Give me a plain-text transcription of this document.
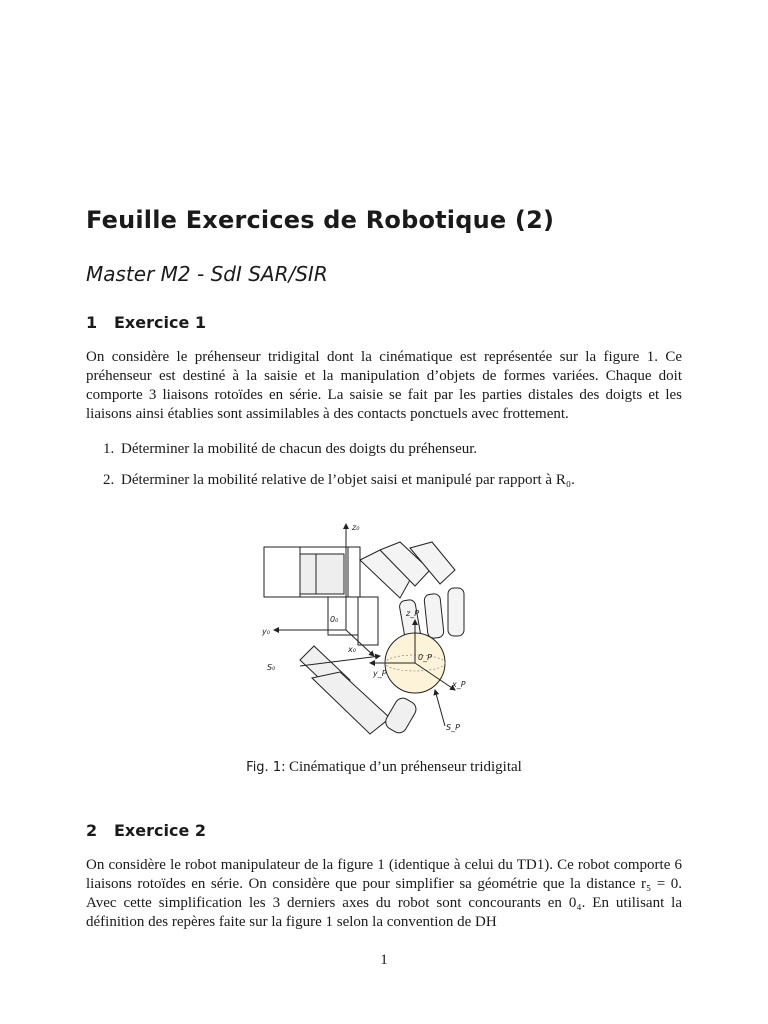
Feuille Exercices de Robotique (2)
Master M2 - SdI SAR/SIR
1 Exercice 1

On considère le préhenseur tridigital dont la cinématique est représentée sur la figure 1. Ce préhenseur est destiné à la saisie et la manipulation d’objets de formes variées. Chaque doit comporte 3 liaisons rotoïdes en série. La saisie se fait par les parties distales des doigts et les liaisons ainsi établies sont assimilables à des contacts ponctuels avec frottement.

1. Déterminer la mobilité de chacun des doigts du préhenseur.

2. Déterminer la mobilité relative de l’objet saisi et manipulé par rapport à R₀.

z₀
y₀
x₀
0₀
S₀
z_P
y_P
x_P
0_P
S_P
Fig. 1: Cinématique d’un préhenseur tridigital
2 Exercice 2

On considère le robot manipulateur de la figure 1 (identique à celui du TD1). Ce robot comporte 6 liaisons rotoïdes en série. On considère que pour simplifier sa géométrie que la distance r₅ = 0. Avec cette simplification les 3 derniers axes du robot sont concourants en 0₄. En utilisant la définition des repères faite sur la figure 1 selon la convention de DH

1
